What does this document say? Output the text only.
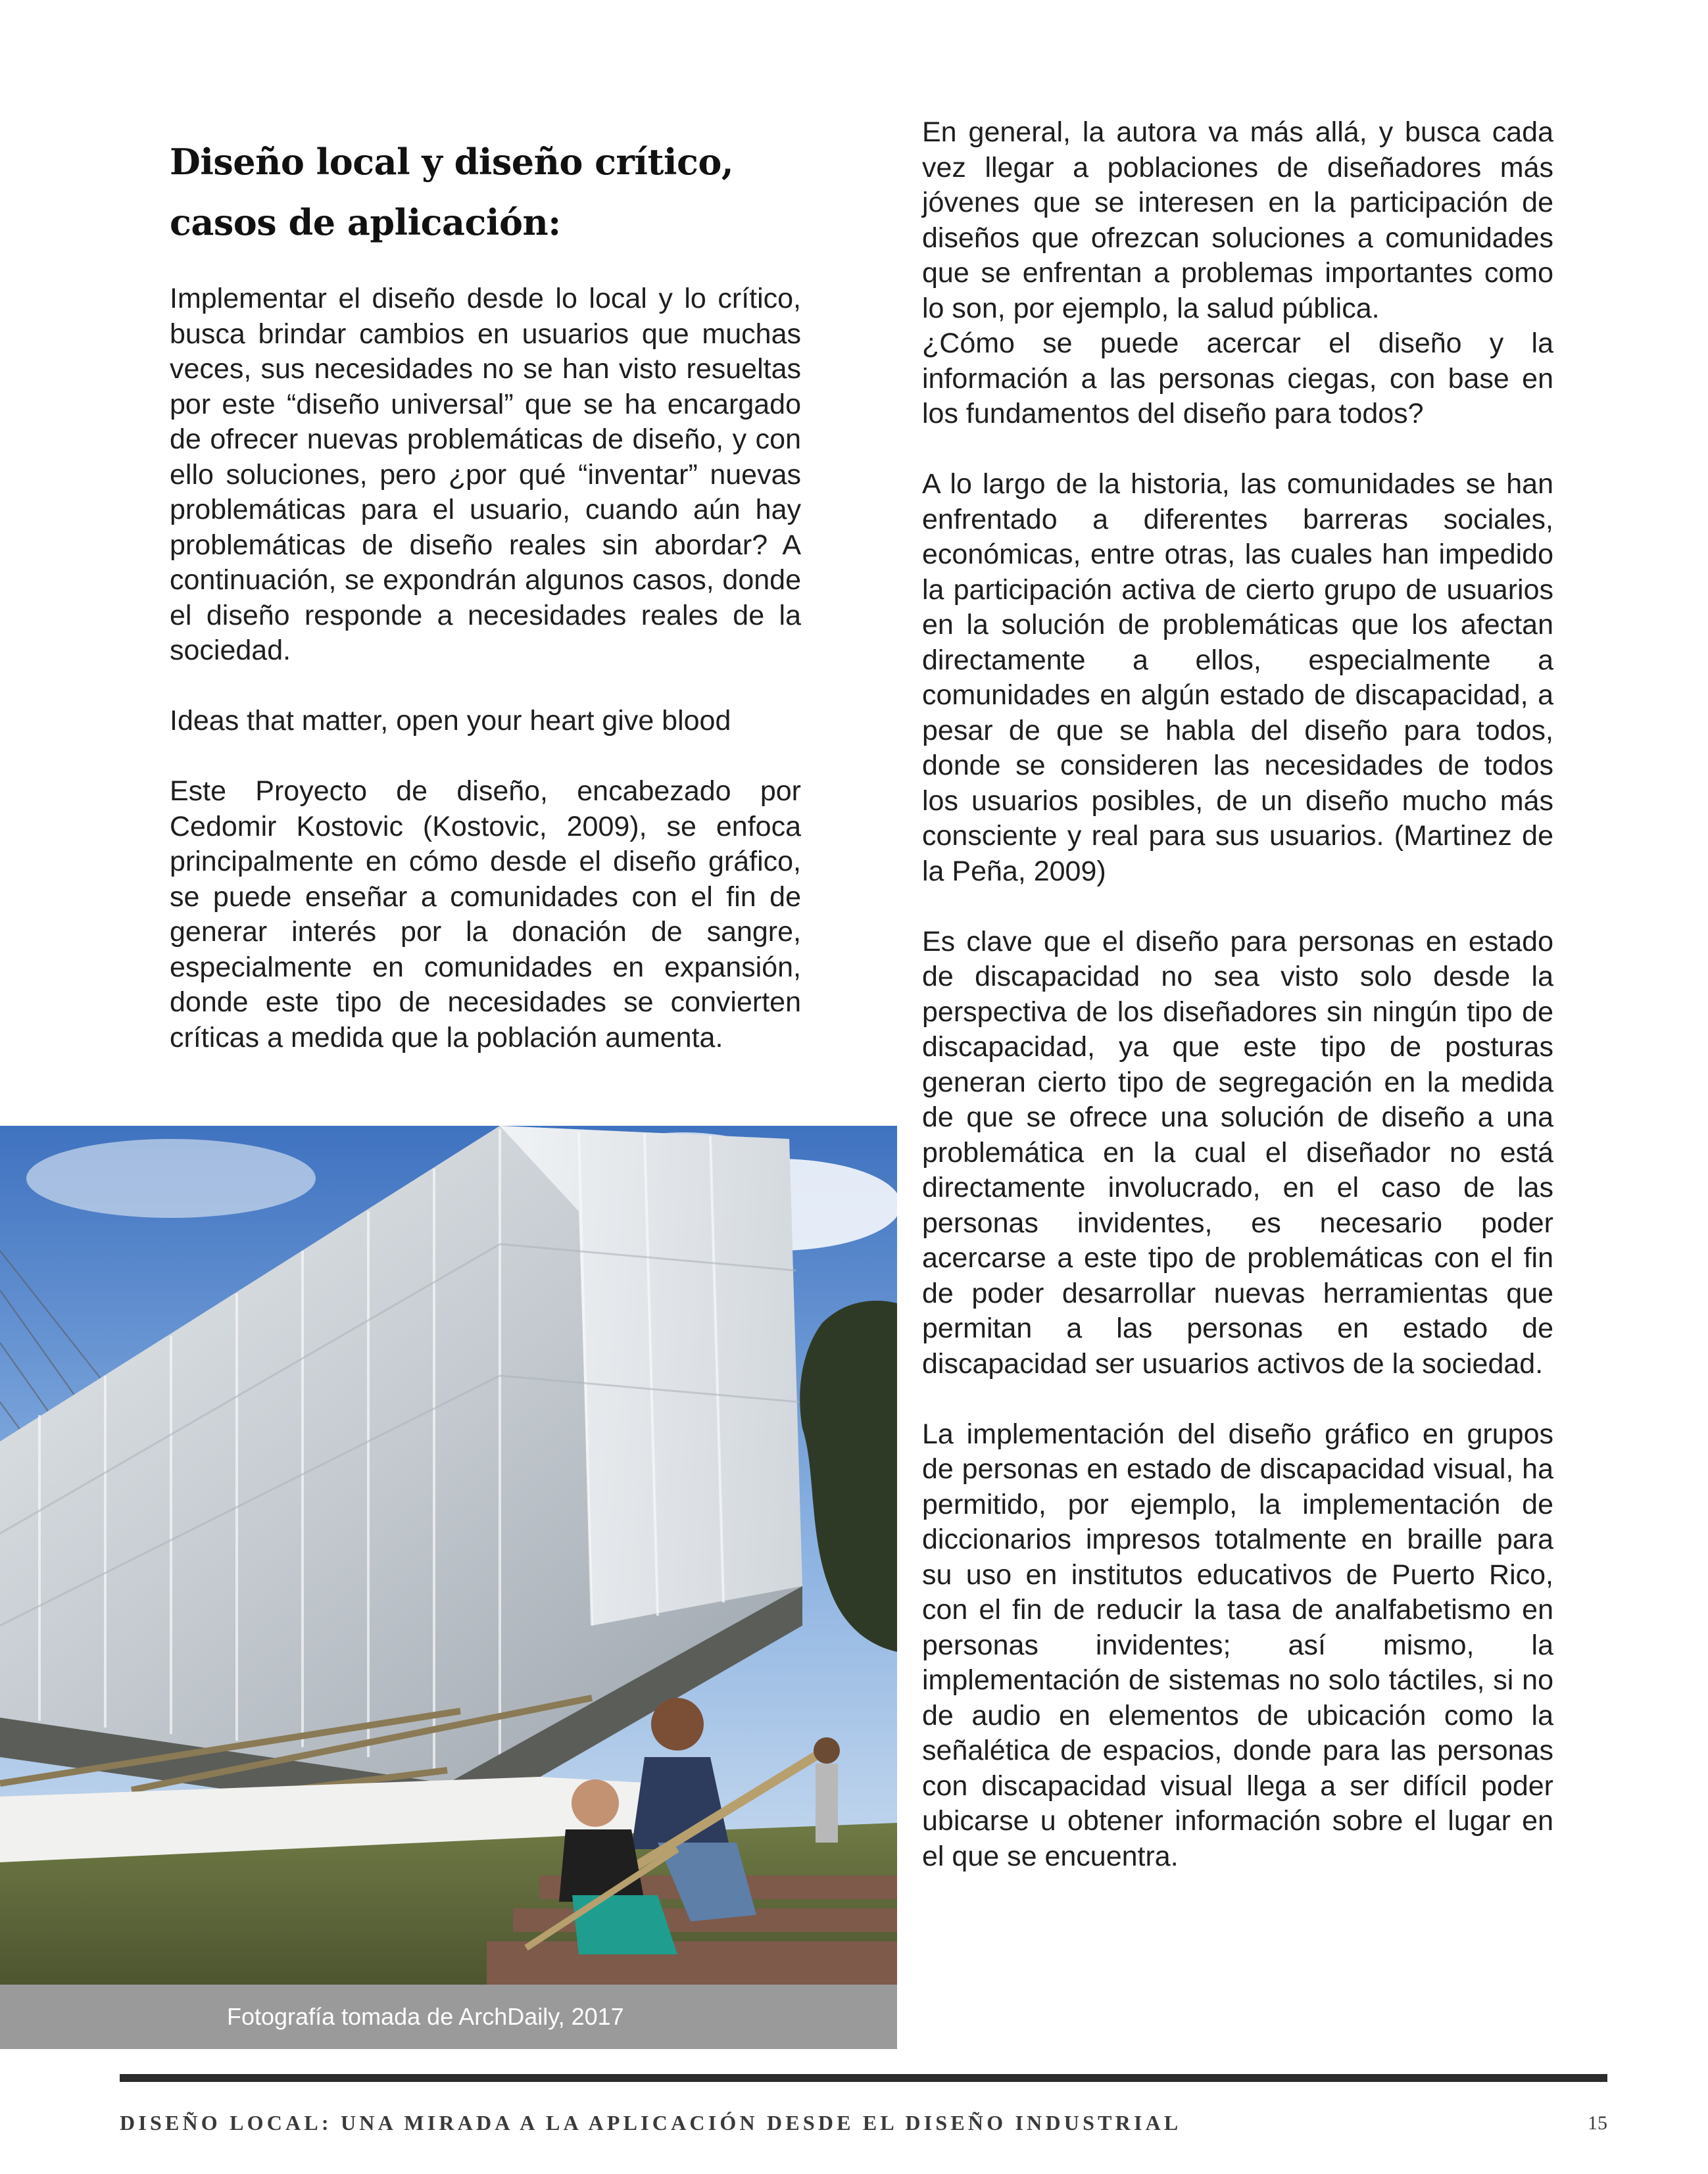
Diseño local y diseño crítico, casos de aplicación:

Implementar el diseño desde lo local y lo crítico, busca brindar cambios en usuarios que muchas veces, sus necesidades no se han visto resueltas por este “diseño universal” que se ha encargado de ofrecer nuevas problemáticas de diseño, y con ello soluciones, pero ¿por qué “inventar” nuevas problemáticas para el usuario, cuando aún hay problemáticas de diseño reales sin abordar? A continuación, se expondrán algunos casos, donde el diseño responde a necesidades reales de la sociedad.

Ideas that matter, open your heart give blood

Este Proyecto de diseño, encabezado por Cedomir Kostovic (Kostovic, 2009), se enfoca principalmente en cómo desde el diseño gráfico, se puede enseñar a comunidades con el fin de generar interés por la donación de sangre, especialmente en comunidades en expansión, donde este tipo de necesidades se convierten críticas a medida que la población aumenta.

En general, la autora va más allá, y busca cada vez llegar a poblaciones de diseñadores más jóvenes que se interesen en la participación de diseños que ofrezcan soluciones a comunidades que se enfrentan a problemas importantes como lo son, por ejemplo, la salud pública.

¿Cómo se puede acercar el diseño y la información a las personas ciegas, con base en los fundamentos del diseño para todos?

A lo largo de la historia, las comunidades se han enfrentado a diferentes barreras sociales, económicas, entre otras, las cuales han impedido la participación activa de cierto grupo de usuarios en la solución de problemáticas que los afectan directamente a ellos, especialmente a comunidades en algún estado de discapacidad, a pesar de que se habla del diseño para todos, donde se consideren las necesidades de todos los usuarios posibles, de un diseño mucho más consciente y real para sus usuarios. (Martinez de la Peña, 2009)

Es clave que el diseño para personas en estado de discapacidad no sea visto solo desde la perspectiva de los diseñadores sin ningún tipo de discapacidad, ya que este tipo de posturas generan cierto tipo de segregación en la medida de que se ofrece una solución de diseño a una problemática en la cual el diseñador no está directamente involucrado, en el caso de las personas invidentes, es necesario poder acercarse a este tipo de problemáticas con el fin de poder desarrollar nuevas herramientas que permitan a las personas en estado de discapacidad ser usuarios activos de la sociedad.

La implementación del diseño gráfico en grupos de personas en estado de discapacidad visual, ha permitido, por ejemplo, la implementación de diccionarios impresos totalmente en braille para su uso en institutos educativos de Puerto Rico, con el fin de reducir la tasa de analfabetismo en personas invidentes; así mismo, la implementación de sistemas no solo táctiles, si no de audio en elementos de ubicación como la señalética de espacios, donde para las personas con discapacidad visual llega a ser difícil poder ubicarse u obtener información sobre el lugar en el que se encuentra.

Fotografía tomada de ArchDaily, 2017
DISEÑO LOCAL: UNA MIRADA A LA APLICACIÓN DESDE EL DISEÑO INDUSTRIAL	15
